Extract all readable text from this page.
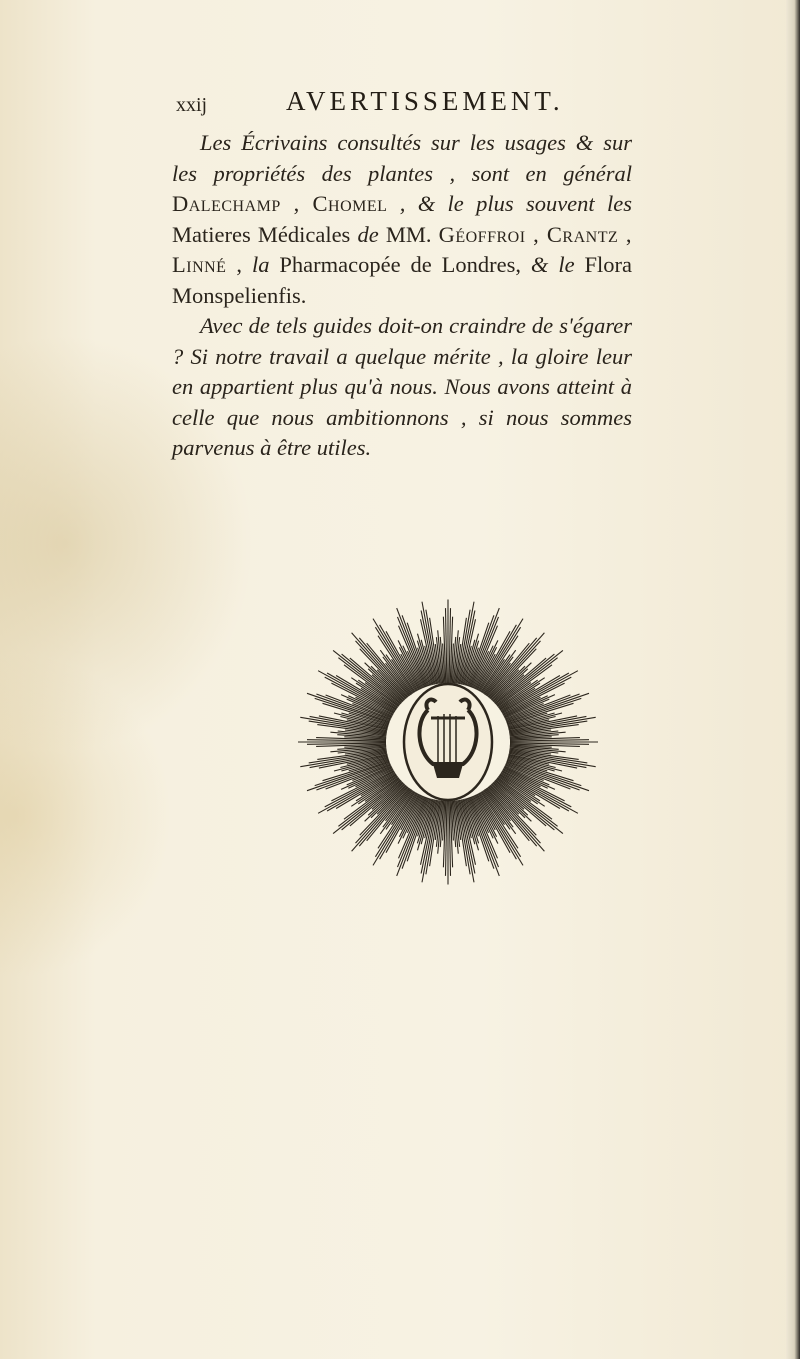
xxij	AVERTISSEMENT.

Les Écrivains consultés sur les usages & sur les propriétés des plantes , sont en général Dalechamp , Chomel , & le plus souvent les Matieres Médicales de MM. Géoffroi , Crantz , Linné , la Pharmacopée de Londres, & le Flora Monspelienfis.

Avec de tels guides doit-on craindre de s'égarer ? Si notre travail a quelque mérite , la gloire leur en appartient plus qu'à nous. Nous avons atteint à celle que nous ambitionnons , si nous sommes parvenus à être utiles.
